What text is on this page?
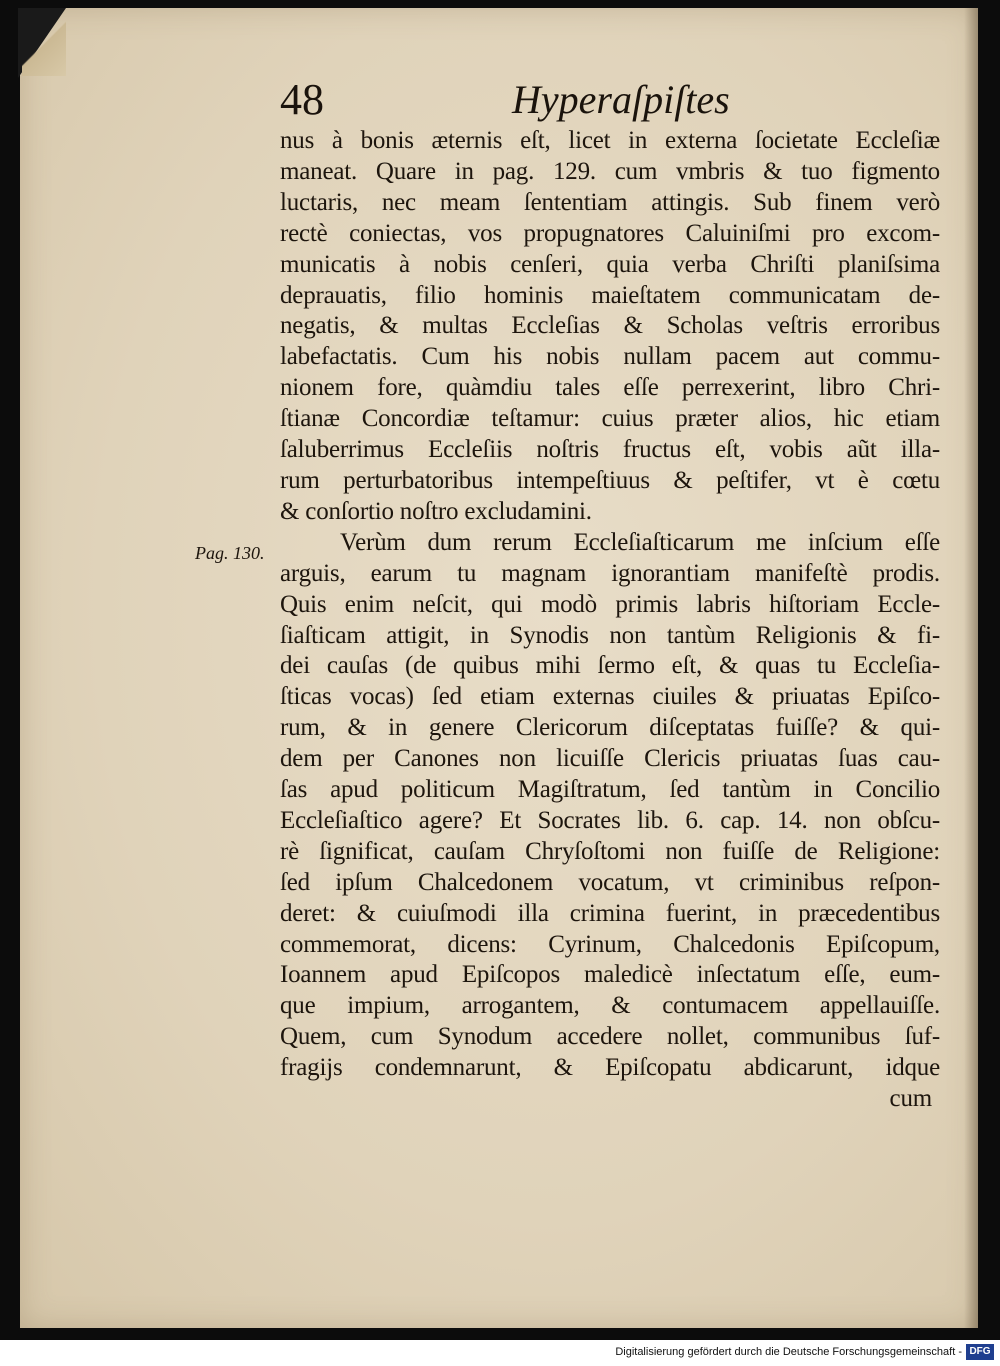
48	Hyperaſpiſtes
Pag. 130.
nus à bonis æternis eſt, licet in externa ſocietate Eccleſiæ
maneat. Quare in pag. 129. cum vmbris & tuo figmento
luctaris, nec meam ſententiam attingis. Sub finem verò
rectè coniectas, vos propugnatores Caluiniſmi pro excom-
municatis à nobis cenſeri, quia verba Chriſti planiſsima
deprauatis, filio hominis maieſtatem communicatam de-
negatis, & multas Eccleſias & Scholas veſtris erroribus
labefactatis. Cum his nobis nullam pacem aut commu-
nionem fore, quàmdiu tales eſſe perrexerint, libro Chri-
ſtianæ Concordiæ teſtamur: cuius præter alios, hic etiam
ſaluberrimus Eccleſiis noſtris fructus eſt, vobis aũt illa-
rum perturbatoribus intempeſtiuus & peſtifer, vt è cœtu
& conſortio noſtro excludamini.
Verùm dum rerum Eccleſiaſticarum me inſcium eſſe
arguis, earum tu magnam ignorantiam manifeſtè prodis.
Quis enim neſcit, qui modò primis labris hiſtoriam Eccle-
ſiaſticam attigit, in Synodis non tantùm Religionis & fi-
dei cauſas (de quibus mihi ſermo eſt, & quas tu Eccleſia-
ſticas vocas) ſed etiam externas ciuiles & priuatas Epiſco-
rum, & in genere Clericorum diſceptatas fuiſſe? & qui-
dem per Canones non licuiſſe Clericis priuatas ſuas cau-
ſas apud politicum Magiſtratum, ſed tantùm in Concilio
Eccleſiaſtico agere? Et Socrates lib. 6. cap. 14. non obſcu-
rè ſignificat, cauſam Chryſoſtomi non fuiſſe de Religione:
ſed ipſum Chalcedonem vocatum, vt criminibus reſpon-
deret: & cuiuſmodi illa crimina fuerint, in præcedentibus
commemorat, dicens: Cyrinum, Chalcedonis Epiſcopum,
Ioannem apud Epiſcopos maledicè inſectatum eſſe, eum-
que impium, arrogantem, & contumacem appellauiſſe.
Quem, cum Synodum accedere nollet, communibus ſuf-
fragijs condemnarunt, & Epiſcopatu abdicarunt, idque
cum
Digitalisierung gefördert durch die Deutsche Forschungsgemeinschaft - DFG
